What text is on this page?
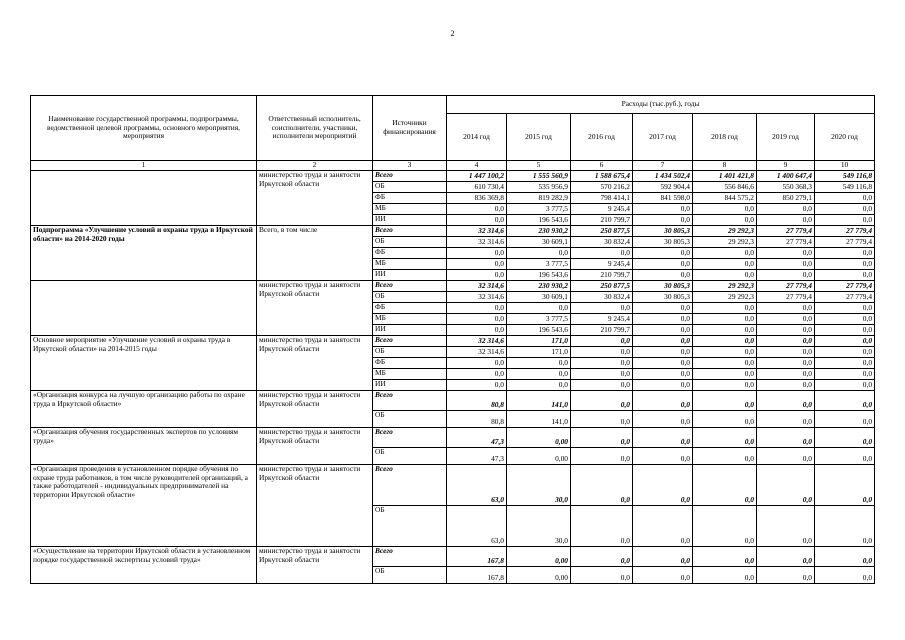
2
Наименование государственной программы, подпрограммы, ведомственной целевой программы, основного мероприятия, мероприятия	Ответственный исполнитель, соисполнители, участники, исполнители мероприятий	Источники финансирования	Расходы (тыс.руб.), годы						
			2014 год	2015 год	2016 год	2017 год	2018 год	2019 год	2020 год
1	2	3	4	5	6	7	8	9	10
	министерство труда и занятости Иркутской области	Всего	1 447 100,2	1 555 560,9	1 588 675,4	1 434 502,4	1 401 421,8	1 400 647,4	549 116,8
		ОБ	610 730,4	535 956,9	570 216,2	592 904,4	556 846,6	550 368,3	549 116,8
		ФБ	836 369,8	819 282,9	798 414,1	841 598,0	844 575,2	850 279,1	0,0
		МБ	0,0	3 777,5	9 245,4	0,0	0,0	0,0	0,0
		ИИ	0,0	196 543,6	210 799,7	0,0	0,0	0,0	0,0
Подпрограмма «Улучшение условий и охраны труда в Иркутской области» на 2014-2020 годы	Всего, в том числе	Всего	32 314,6	230 930,2	250 877,5	30 805,3	29 292,3	27 779,4	27 779,4
		ОБ	32 314,6	30 609,1	30 832,4	30 805,3	29 292,3	27 779,4	27 779,4
		ФБ	0,0	0,0	0,0	0,0	0,0	0,0	0,0
		МБ	0,0	3 777,5	9 245,4	0,0	0,0	0,0	0,0
		ИИ	0,0	196 543,6	210 799,7	0,0	0,0	0,0	0,0
	министерство труда и занятости Иркутской области	Всего	32 314,6	230 930,2	250 877,5	30 805,3	29 292,3	27 779,4	27 779,4
		ОБ	32 314,6	30 609,1	30 832,4	30 805,3	29 292,3	27 779,4	27 779,4
		ФБ	0,0	0,0	0,0	0,0	0,0	0,0	0,0
		МБ	0,0	3 777,5	9 245,4	0,0	0,0	0,0	0,0
		ИИ	0,0	196 543,6	210 799,7	0,0	0,0	0,0	0,0
Основное мероприятие «Улучшение условий и охраны труда в Иркутской области» на 2014-2015 годы	министерство труда и занятости Иркутской области	Всего	32 314,6	171,0	0,0	0,0	0,0	0,0	0,0
		ОБ	32 314,6	171,0	0,0	0,0	0,0	0,0	0,0
		ФБ	0,0	0,0	0,0	0,0	0,0	0,0	0,0
		МБ	0,0	0,0	0,0	0,0	0,0	0,0	0,0
		ИИ	0,0	0,0	0,0	0,0	0,0	0,0	0,0
«Организация конкурса на лучшую организацию работы по охране труда в Иркутской области»	министерство труда и занятости Иркутской области	Всего	80,8	141,0	0,0	0,0	0,0	0,0	0,0
		ОБ	80,8	141,0	0,0	0,0	0,0	0,0	0,0
«Организация обучения государственных экспертов по условиям труда»	министерство труда и занятости Иркутской области	Всего	47,3	0,00	0,0	0,0	0,0	0,0	0,0
		ОБ	47,3	0,00	0,0	0,0	0,0	0,0	0,0
«Организация проведения в установленном порядке обучения по охране труда работников, в том числе руководителей организаций, а также работодателей - индивидуальных предпринимателей на территории Иркутской области»	министерство труда и занятости Иркутской области	Всего	63,0	30,0	0,0	0,0	0,0	0,0	0,0
		ОБ	63,0	30,0	0,0	0,0	0,0	0,0	0,0
«Осуществление на территории Иркутской области в установленном порядке государственной экспертизы условий труда»	министерство труда и занятости Иркутской области	Всего	167,8	0,00	0,0	0,0	0,0	0,0	0,0
		ОБ	167,8	0,00	0,0	0,0	0,0	0,0	0,0
